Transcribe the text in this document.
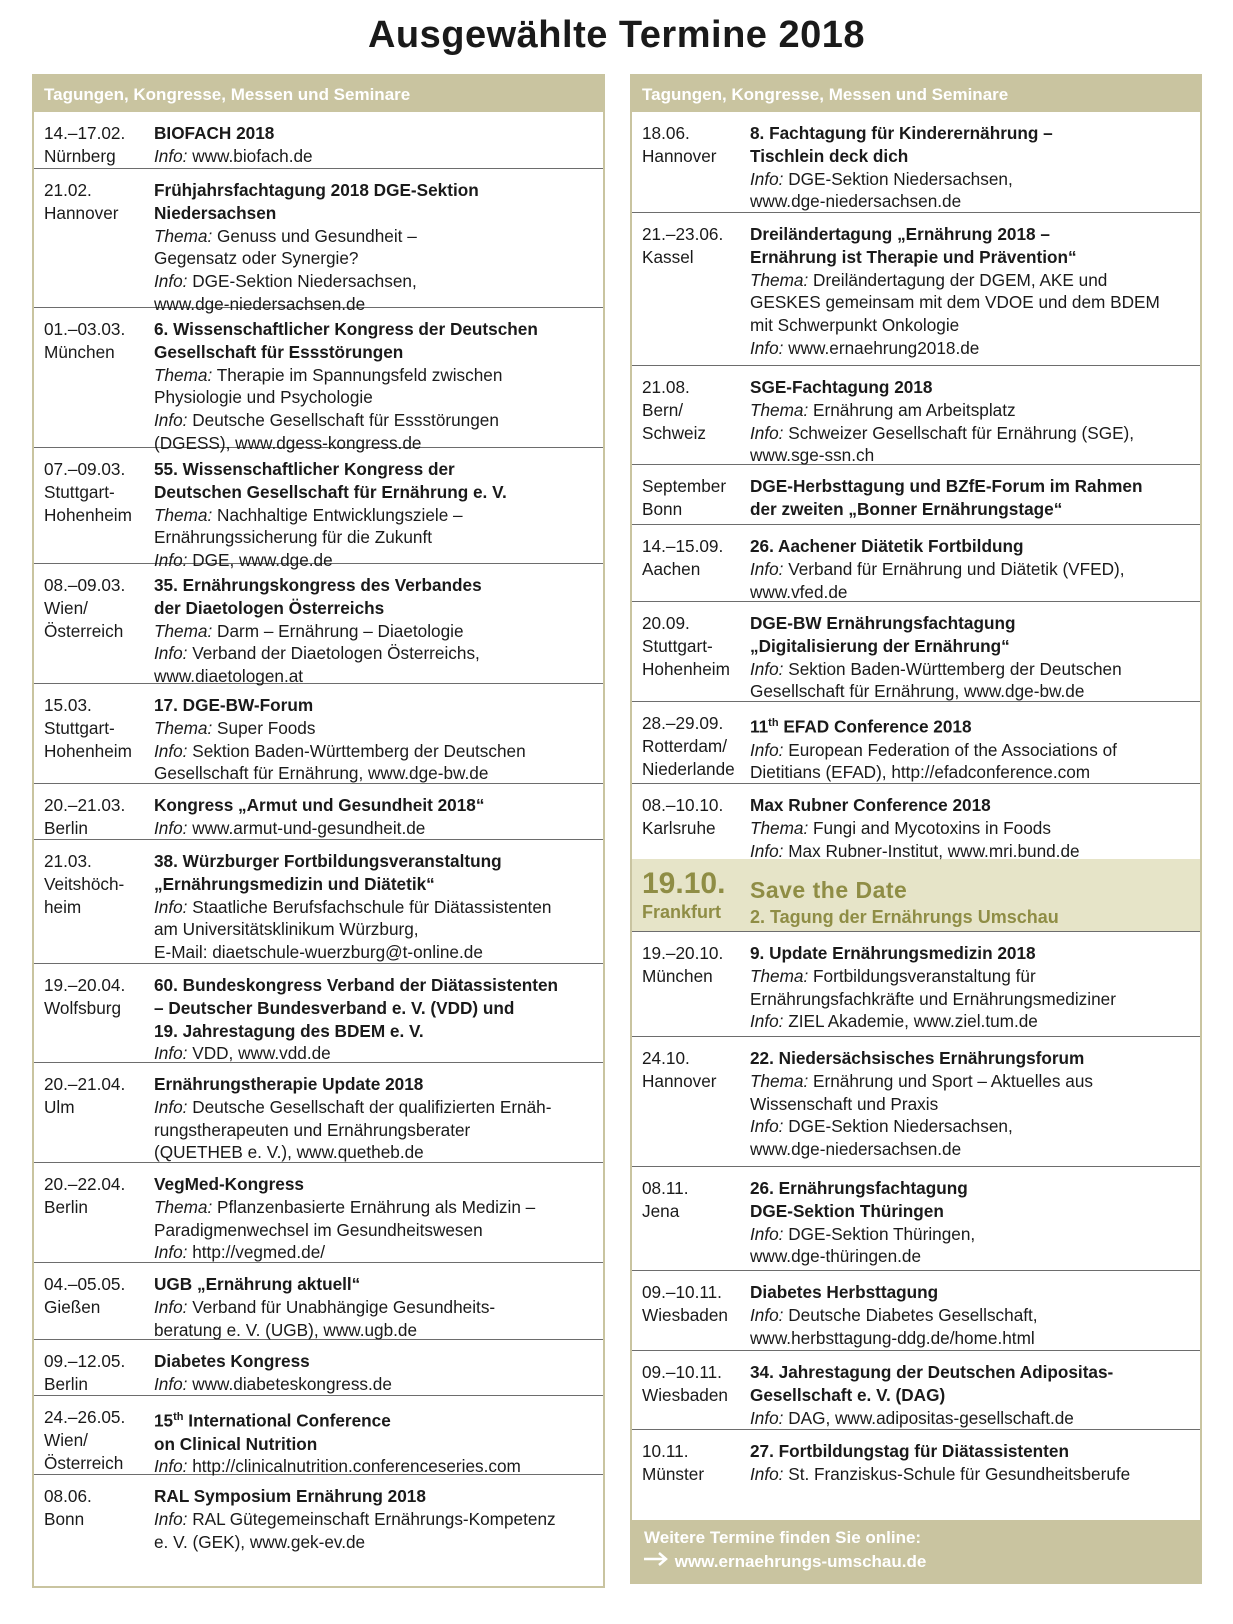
Ausgewählte Termine 2018
Tagungen, Kongresse, Messen und Seminare
14.–17.02.
Nürnberg
BIOFACH 2018
Info: www.biofach.de
21.02.
Hannover
Frühjahrsfachtagung 2018 DGE-Sektion
Niedersachsen
Thema: Genuss und Gesundheit –
Gegensatz oder Synergie?
Info: DGE-Sektion Niedersachsen,
www.dge-niedersachsen.de
01.–03.03.
München
6. Wissenschaftlicher Kongress der Deutschen
Gesellschaft für Essstörungen
Thema: Therapie im Spannungsfeld zwischen
Physiologie und Psychologie
Info: Deutsche Gesellschaft für Essstörungen
(DGESS), www.dgess-kongress.de
07.–09.03.
Stuttgart-
Hohenheim
55. Wissenschaftlicher Kongress der
Deutschen Gesellschaft für Ernährung e. V.
Thema: Nachhaltige Entwicklungsziele –
Ernährungssicherung für die Zukunft
Info: DGE, www.dge.de
08.–09.03.
Wien/
Österreich
35. Ernährungskongress des Verbandes
der Diaetologen Österreichs
Thema: Darm – Ernährung – Diaetologie
Info: Verband der Diaetologen Österreichs,
www.diaetologen.at
15.03.
Stuttgart-
Hohenheim
17. DGE-BW-Forum
Thema: Super Foods
Info: Sektion Baden-Württemberg der Deutschen
Gesellschaft für Ernährung, www.dge-bw.de
20.–21.03.
Berlin
Kongress „Armut und Gesundheit 2018“
Info: www.armut-und-gesundheit.de
21.03.
Veitshöch-
heim
38. Würzburger Fortbildungsveranstaltung
„Ernährungsmedizin und Diätetik“
Info: Staatliche Berufsfachschule für Diätassistenten
am Universitätsklinikum Würzburg,
E-Mail: diaetschule-wuerzburg@t-online.de
19.–20.04.
Wolfsburg
60. Bundeskongress Verband der Diätassistenten
– Deutscher Bundesverband e. V. (VDD) und
19. Jahrestagung des BDEM e. V.
Info: VDD, www.vdd.de
20.–21.04.
Ulm
Ernährungstherapie Update 2018
Info: Deutsche Gesellschaft der qualifizierten Ernäh-
rungstherapeuten und Ernährungsberater
(QUETHEB e. V.), www.quetheb.de
20.–22.04.
Berlin
VegMed-Kongress
Thema: Pflanzenbasierte Ernährung als Medizin –
Paradigmenwechsel im Gesundheitswesen
Info: http://vegmed.de/
04.–05.05.
Gießen
UGB „Ernährung aktuell“
Info: Verband für Unabhängige Gesundheits-
beratung e. V. (UGB), www.ugb.de
09.–12.05.
Berlin
Diabetes Kongress
Info: www.diabeteskongress.de
24.–26.05.
Wien/
Österreich
15th International Conference
on Clinical Nutrition
Info: http://clinicalnutrition.conferenceseries.com
08.06.
Bonn
RAL Symposium Ernährung 2018
Info: RAL Gütegemeinschaft Ernährungs-Kompetenz
e. V. (GEK), www.gek-ev.de
Tagungen, Kongresse, Messen und Seminare
18.06.
Hannover
8. Fachtagung für Kinderernährung –
Tischlein deck dich
Info: DGE-Sektion Niedersachsen,
www.dge-niedersachsen.de
21.–23.06.
Kassel
Dreiländertagung „Ernährung 2018 –
Ernährung ist Therapie und Prävention“
Thema: Dreiländertagung der DGEM, AKE und
GESKES gemeinsam mit dem VDOE und dem BDEM
mit Schwerpunkt Onkologie
Info: www.ernaehrung2018.de
21.08.
Bern/
Schweiz
SGE-Fachtagung 2018
Thema: Ernährung am Arbeitsplatz
Info: Schweizer Gesellschaft für Ernährung (SGE),
www.sge-ssn.ch
September
Bonn
DGE-Herbsttagung und BZfE-Forum im Rahmen
der zweiten „Bonner Ernährungstage“
14.–15.09.
Aachen
26. Aachener Diätetik Fortbildung
Info: Verband für Ernährung und Diätetik (VFED),
www.vfed.de
20.09.
Stuttgart-
Hohenheim
DGE-BW Ernährungsfachtagung
„Digitalisierung der Ernährung“
Info: Sektion Baden-Württemberg der Deutschen
Gesellschaft für Ernährung, www.dge-bw.de
28.–29.09.
Rotterdam/
Niederlande
11th EFAD Conference 2018
Info: European Federation of the Associations of
Dietitians (EFAD), http://efadconference.com
08.–10.10.
Karlsruhe
Max Rubner Conference 2018
Thema: Fungi and Mycotoxins in Foods
Info: Max Rubner-Institut, www.mri.bund.de
19.10.
Frankfurt
Save the Date
2. Tagung der Ernährungs Umschau
19.–20.10.
München
9. Update Ernährungsmedizin 2018
Thema: Fortbildungsveranstaltung für
Ernährungsfachkräfte und Ernährungsmediziner
Info: ZIEL Akademie, www.ziel.tum.de
24.10.
Hannover
22. Niedersächsisches Ernährungsforum
Thema: Ernährung und Sport – Aktuelles aus
Wissenschaft und Praxis
Info: DGE-Sektion Niedersachsen,
www.dge-niedersachsen.de
08.11.
Jena
26. Ernährungsfachtagung
DGE-Sektion Thüringen
Info: DGE-Sektion Thüringen,
www.dge-thüringen.de
09.–10.11.
Wiesbaden
Diabetes Herbsttagung
Info: Deutsche Diabetes Gesellschaft,
www.herbsttagung-ddg.de/home.html
09.–10.11.
Wiesbaden
34. Jahrestagung der Deutschen Adipositas-
Gesellschaft e. V. (DAG)
Info: DAG, www.adipositas-gesellschaft.de
10.11.
Münster
27. Fortbildungstag für Diätassistenten
Info: St. Franziskus-Schule für Gesundheitsberufe
Weitere Termine finden Sie online:
www.ernaehrungs-umschau.de
